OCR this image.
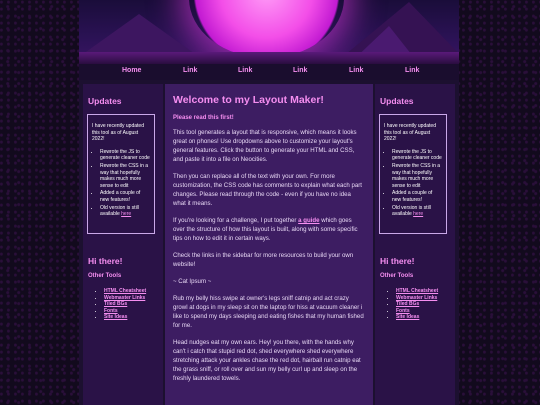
Home	Link	Link	Link	Link	Link
Updates

I have recently updated this tool as of August 2022!

• Rewrote the JS to generate cleaner code
• Rewrote the CSS in a way that hopefully makes much more sense to edit
• Added a couple of new features!
• Old version is still available here
Hi there!
Other Tools
• HTML Cheatsheet
• Webmaster Links
• Tiled BGs
• Fonts
• Site Ideas
Welcome to my Layout Maker!
Please read this first!

This tool generates a layout that is responsive, which means it looks great on phones! Use dropdowns above to customize your layout's general features. Click the button to generate your HTML and CSS, and paste it into a file on Neocities.

Then you can replace all of the text with your own. For more customization, the CSS code has comments to explain what each part changes. Please read through the code - even if you have no idea what it means.

If you're looking for a challenge, I put together a guide which goes over the structure of how this layout is built, along with some specific tips on how to edit it in certain ways.

Check the links in the sidebar for more resources to build your own website!

~ Cat Ipsum ~

Rub my belly hiss swipe at owner's legs sniff catnip and act crazy growl at dogs in my sleep sit on the laptop for hiss at vacuum cleaner i like to spend my days sleeping and eating fishes that my human fished for me.

Head nudges eat my own ears. Hey! you there, with the hands why can't i catch that stupid red dot, shed everywhere shed everywhere stretching attack your ankles chase the red dot, hairball run catnip eat the grass sniff, or roll over and sun my belly curl up and sleep on the freshly laundered towels.

Updates

I have recently updated this tool as of August 2022!

• Rewrote the JS to generate cleaner code
• Rewrote the CSS in a way that hopefully makes much more sense to edit
• Added a couple of new features!
• Old version is still available here
Hi there!
Other Tools
• HTML Cheatsheet
• Webmaster Links
• Tiled BGs
• Fonts
• Site Ideas
